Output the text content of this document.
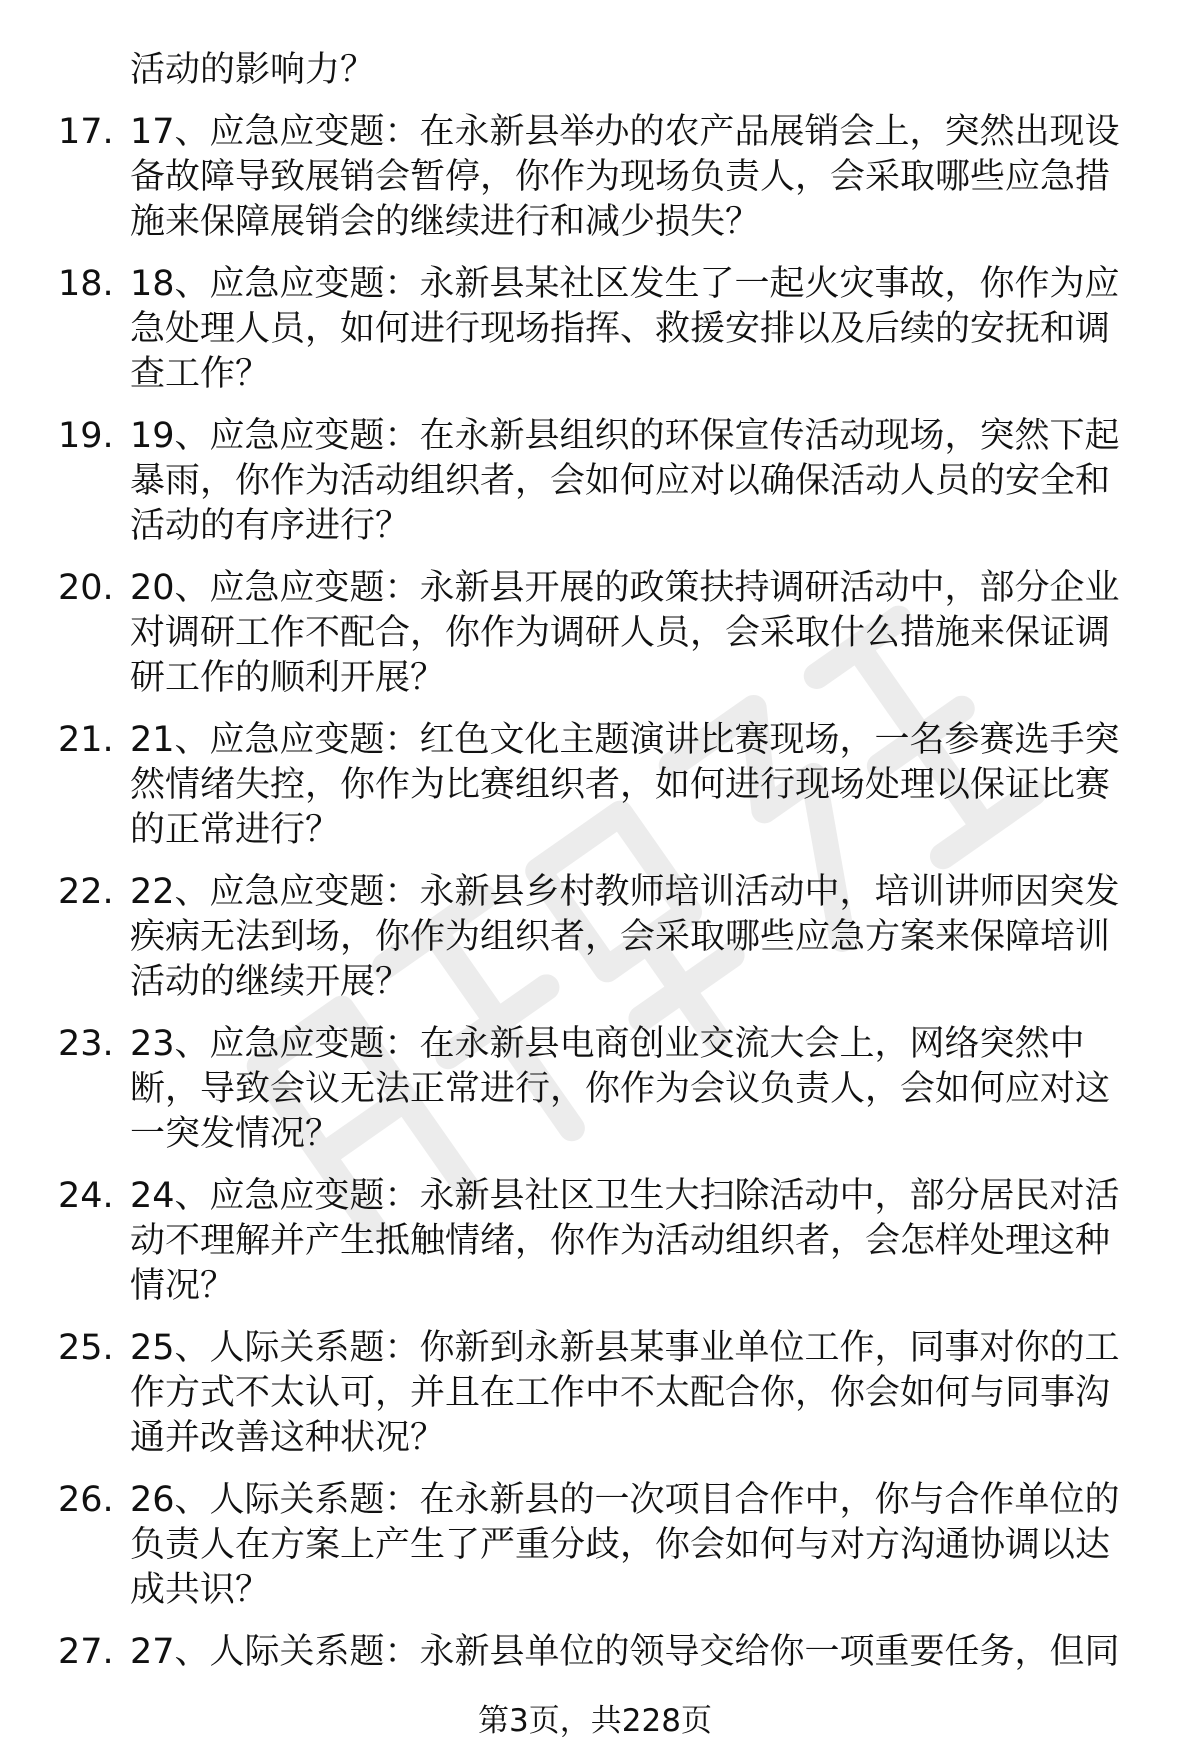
活动的影响力？
17. 17、应急应变题：在永新县举办的农产品展销会上，突然出现设
备故障导致展销会暂停，你作为现场负责人，会采取哪些应急措
施来保障展销会的继续进行和减少损失？
18. 18、应急应变题：永新县某社区发生了一起火灾事故，你作为应
急处理人员，如何进行现场指挥、救援安排以及后续的安抚和调
查工作？
19. 19、应急应变题：在永新县组织的环保宣传活动现场，突然下起
暴雨，你作为活动组织者，会如何应对以确保活动人员的安全和
活动的有序进行？
20. 20、应急应变题：永新县开展的政策扶持调研活动中，部分企业
对调研工作不配合，你作为调研人员，会采取什么措施来保证调
研工作的顺利开展？
21. 21、应急应变题：红色文化主题演讲比赛现场，一名参赛选手突
然情绪失控，你作为比赛组织者，如何进行现场处理以保证比赛
的正常进行？
22. 22、应急应变题：永新县乡村教师培训活动中，培训讲师因突发
疾病无法到场，你作为组织者，会采取哪些应急方案来保障培训
活动的继续开展？
23. 23、应急应变题：在永新县电商创业交流大会上，网络突然中
断，导致会议无法正常进行，你作为会议负责人，会如何应对这
一突发情况？
24. 24、应急应变题：永新县社区卫生大扫除活动中，部分居民对活
动不理解并产生抵触情绪，你作为活动组织者，会怎样处理这种
情况？
25. 25、人际关系题：你新到永新县某事业单位工作，同事对你的工
作方式不太认可，并且在工作中不太配合你，你会如何与同事沟
通并改善这种状况？
26. 26、人际关系题：在永新县的一次项目合作中，你与合作单位的
负责人在方案上产生了严重分歧，你会如何与对方沟通协调以达
成共识？
27. 27、人际关系题：永新县单位的领导交给你一项重要任务，但同
第3页，共228页
